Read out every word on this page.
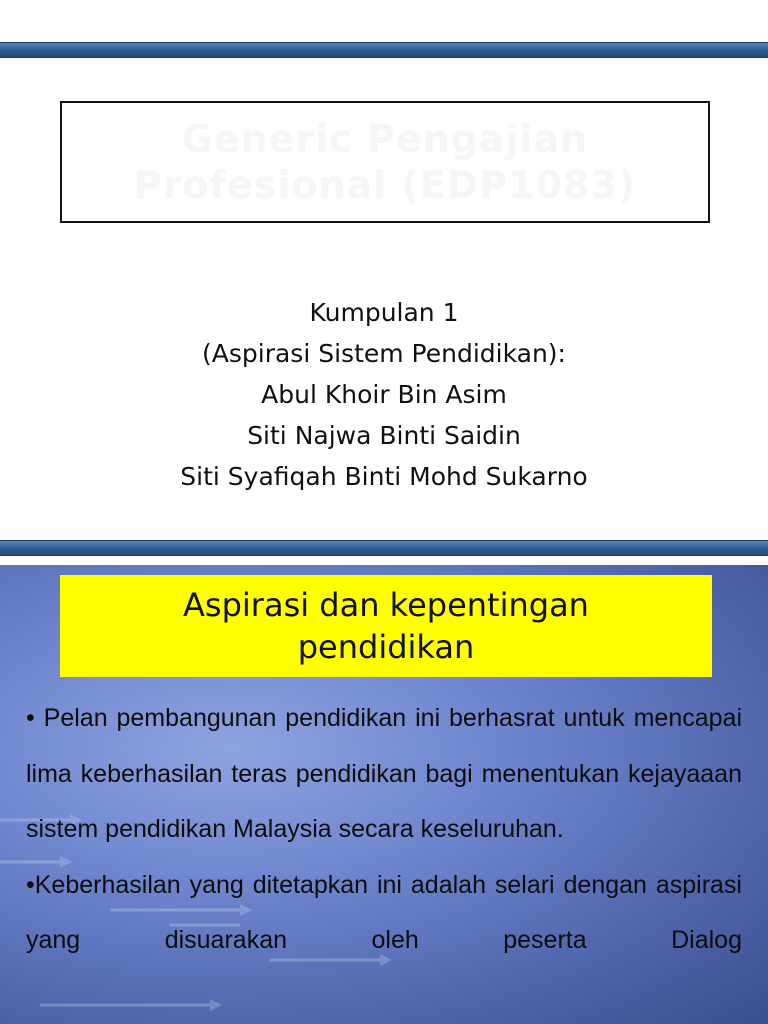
Generic Pengajian
Profesional (EDP1083)
Kumpulan 1
(Aspirasi Sistem Pendidikan):
Abul Khoir Bin Asim
Siti Najwa Binti Saidin
Siti Syafiqah Binti Mohd Sukarno
Aspirasi dan kepentingan
pendidikan

• Pelan pembangunan pendidikan ini berhasrat untuk mencapai lima keberhasilan teras pendidikan bagi menentukan kejayaaan sistem pendidikan Malaysia secara keseluruhan.

•Keberhasilan yang ditetapkan ini adalah selari dengan aspirasi yang disuarakan oleh peserta Dialog
